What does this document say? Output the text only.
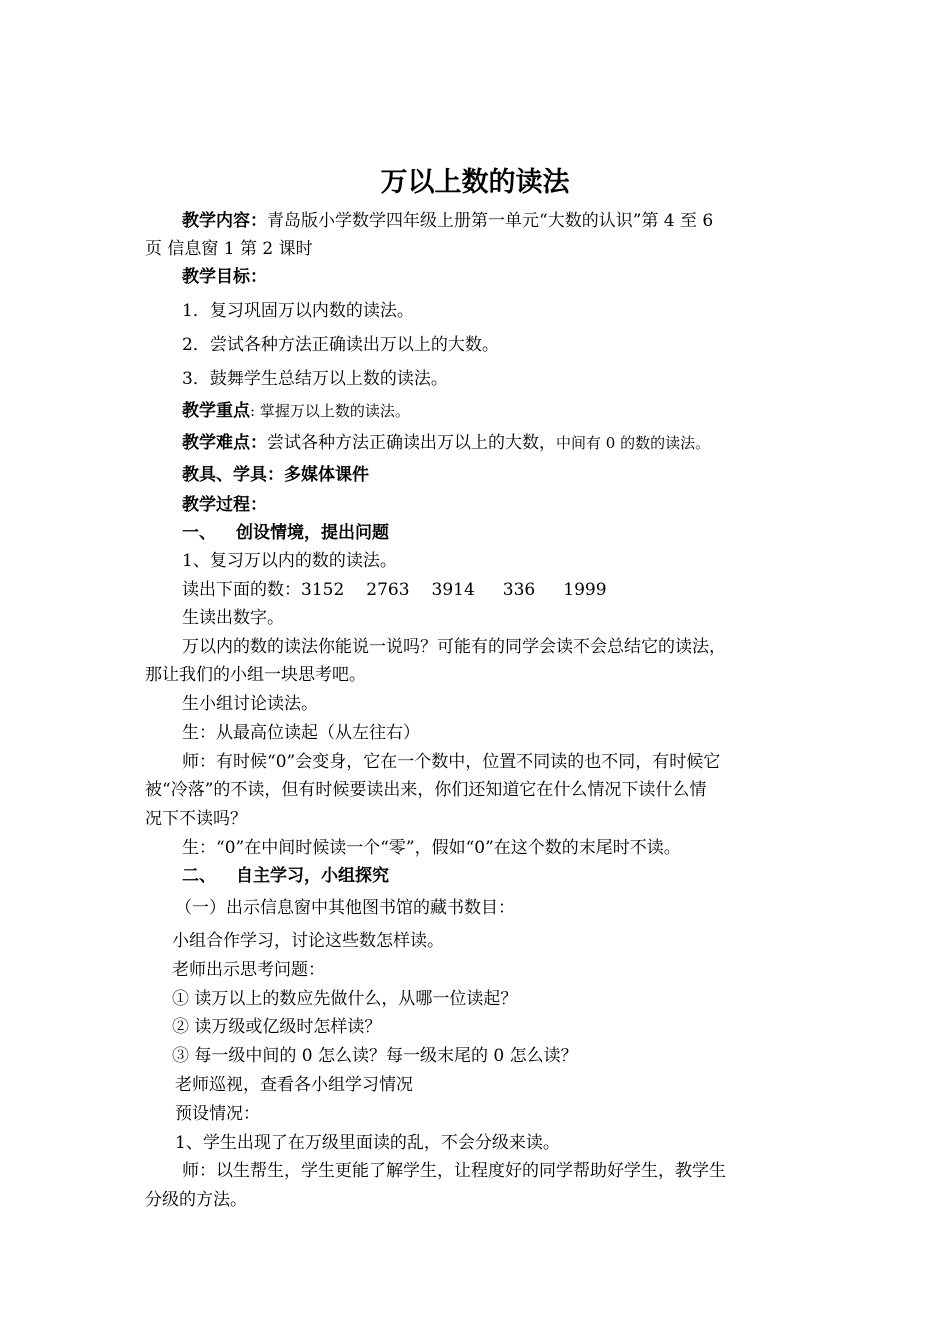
万以上数的读法
教学内容：青岛版小学数学四年级上册第一单元“大数的认识”第 4 至 6
页 信息窗 1 第 2 课时
教学目标：
1．复习巩固万以内数的读法。
2．尝试各种方法正确读出万以上的大数。
3．鼓舞学生总结万以上数的读法。
教学重点: 掌握万以上数的读法。
教学难点：尝试各种方法正确读出万以上的大数，中间有 0 的数的读法。
教具、学具：多媒体课件
教学过程：
一、 创设情境，提出问题
1、复习万以内的数的读法。
读出下面的数：3152 2763 3914 336 1999
生读出数字。
万以内的数的读法你能说一说吗？可能有的同学会读不会总结它的读法，
那让我们的小组一块思考吧。
生小组讨论读法。
生：从最高位读起（从左往右）
师：有时候“0”会变身，它在一个数中，位置不同读的也不同，有时候它
被“冷落”的不读，但有时候要读出来，你们还知道它在什么情况下读什么情
况下不读吗？
生：“0”在中间时候读一个“零”，假如“0”在这个数的末尾时不读。
二、 自主学习，小组探究
（一）出示信息窗中其他图书馆的藏书数目：
小组合作学习，讨论这些数怎样读。
老师出示思考问题：
① 读万以上的数应先做什么，从哪一位读起？
② 读万级或亿级时怎样读？
③ 每一级中间的 0 怎么读？每一级末尾的 0 怎么读？
老师巡视，查看各小组学习情况
预设情况：
1、学生出现了在万级里面读的乱，不会分级来读。
师：以生帮生，学生更能了解学生，让程度好的同学帮助好学生，教学生
分级的方法。
